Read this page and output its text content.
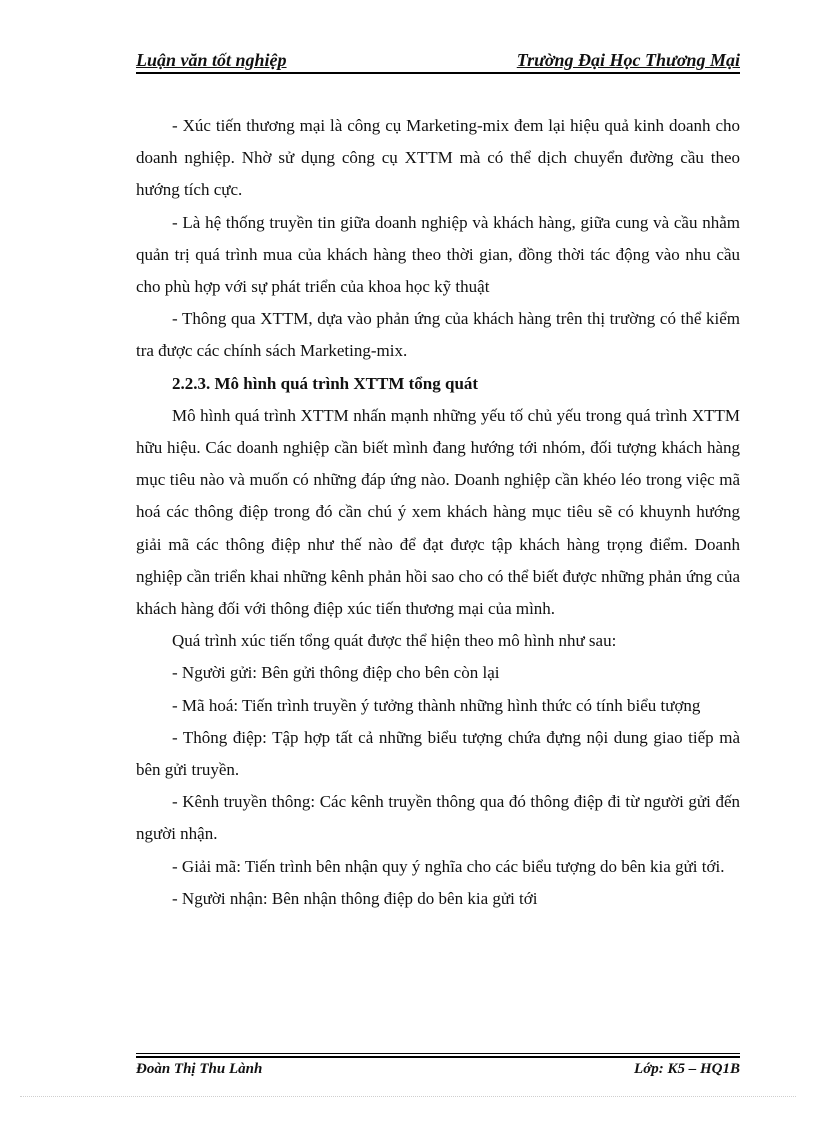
Luận văn tốt nghiệp	Trường Đại Học Thương Mại

- Xúc tiến thương mại là công cụ Marketing-mix đem lại hiệu quả kinh doanh cho doanh nghiệp. Nhờ sử dụng công cụ XTTM mà có thể dịch chuyển đường cầu theo hướng tích cực.

- Là hệ thống truyền tin giữa doanh nghiệp và khách hàng, giữa cung và cầu nhằm quản trị quá trình mua của khách hàng theo thời gian, đồng thời tác động vào nhu cầu cho phù hợp với sự phát triển của khoa học kỹ thuật

- Thông qua XTTM, dựa vào phản ứng của khách hàng trên thị trường có thể kiểm tra được các chính sách Marketing-mix.

2.2.3. Mô hình quá trình XTTM tổng quát

Mô hình quá trình XTTM nhấn mạnh những yếu tố chủ yếu trong quá trình XTTM hữu hiệu. Các doanh nghiệp cần biết mình đang hướng tới nhóm, đối tượng khách hàng mục tiêu nào và muốn có những đáp ứng nào. Doanh nghiệp cần khéo léo trong việc mã hoá các thông điệp trong đó cần chú ý xem khách hàng mục tiêu sẽ có khuynh hướng giải mã các thông điệp như thế nào để đạt được tập khách hàng trọng điểm. Doanh nghiệp cần triển khai những kênh phản hồi sao cho có thể biết được những phản ứng của khách hàng đối với thông điệp xúc tiến thương mại của mình.

Quá trình xúc tiến tổng quát được thể hiện theo mô hình như sau:

- Người gửi: Bên gửi thông điệp cho bên còn lại

- Mã hoá: Tiến trình truyền ý tưởng thành những hình thức có tính biểu tượng

- Thông điệp: Tập hợp tất cả những biểu tượng chứa đựng nội dung giao tiếp mà bên gửi truyền.

- Kênh truyền thông: Các kênh truyền thông qua đó thông điệp đi từ người gửi đến người nhận.

- Giải mã: Tiến trình bên nhận quy ý nghĩa cho các biểu tượng do bên kia gửi tới.

- Người nhận: Bên nhận thông điệp do bên kia gửi tới

Đoàn Thị Thu Lành	Lớp: K5 – HQ1B
